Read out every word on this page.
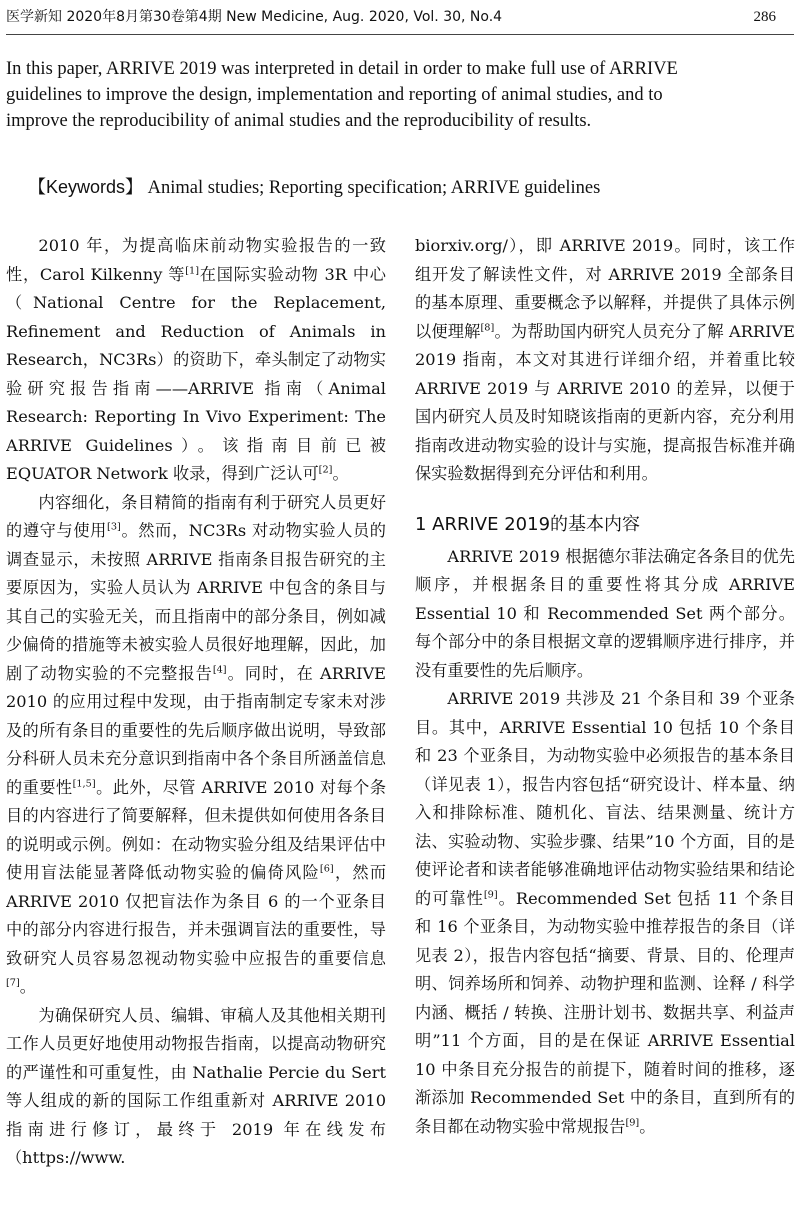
医学新知 2020年8月第30卷第4期 New Medicine, Aug. 2020, Vol. 30, No.4	286

In this paper, ARRIVE 2019 was interpreted in detail in order to make full use of ARRIVE guidelines to improve the design, implementation and reporting of animal studies, and to improve the reproducibility of animal studies and the reproducibility of results.

【Keywords】 Animal studies; Reporting specification; ARRIVE guidelines

2010 年，为提高临床前动物实验报告的一致性，Carol Kilkenny 等[1]在国际实验动物 3R 中心（National Centre for the Replacement, Refinement and Reduction of Animals in Research，NC3Rs）的资助下，牵头制定了动物实验研究报告指南——ARRIVE 指南（Animal Research: Reporting In Vivo Experiment: The ARRIVE Guidelines）。该指南目前已被 EQUATOR Network 收录，得到广泛认可[2]。

内容细化，条目精简的指南有利于研究人员更好的遵守与使用[3]。然而，NC3Rs 对动物实验人员的调查显示，未按照 ARRIVE 指南条目报告研究的主要原因为，实验人员认为 ARRIVE 中包含的条目与其自己的实验无关，而且指南中的部分条目，例如减少偏倚的措施等未被实验人员很好地理解，因此，加剧了动物实验的不完整报告[4]。同时，在 ARRIVE 2010 的应用过程中发现，由于指南制定专家未对涉及的所有条目的重要性的先后顺序做出说明，导致部分科研人员未充分意识到指南中各个条目所涵盖信息的重要性[1,5]。此外，尽管 ARRIVE 2010 对每个条目的内容进行了简要解释，但未提供如何使用各条目的说明或示例。例如：在动物实验分组及结果评估中使用盲法能显著降低动物实验的偏倚风险[6]，然而 ARRIVE 2010 仅把盲法作为条目 6 的一个亚条目中的部分内容进行报告，并未强调盲法的重要性，导致研究人员容易忽视动物实验中应报告的重要信息[7]。

为确保研究人员、编辑、审稿人及其他相关期刊工作人员更好地使用动物报告指南，以提高动物研究的严谨性和可重复性，由 Nathalie Percie du Sert 等人组成的新的国际工作组重新对 ARRIVE 2010 指南进行修订，最终于 2019 年在线发布（https://www.

biorxiv.org/），即 ARRIVE 2019。同时，该工作组开发了解读性文件，对 ARRIVE 2019 全部条目的基本原理、重要概念予以解释，并提供了具体示例以便理解[8]。为帮助国内研究人员充分了解 ARRIVE 2019 指南，本文对其进行详细介绍，并着重比较 ARRIVE 2019 与 ARRIVE 2010 的差异，以便于国内研究人员及时知晓该指南的更新内容，充分利用指南改进动物实验的设计与实施，提高报告标准并确保实验数据得到充分评估和利用。

1 ARRIVE 2019的基本内容

ARRIVE 2019 根据德尔菲法确定各条目的优先顺序，并根据条目的重要性将其分成 ARRIVE Essential 10 和 Recommended Set 两个部分。每个部分中的条目根据文章的逻辑顺序进行排序，并没有重要性的先后顺序。

ARRIVE 2019 共涉及 21 个条目和 39 个亚条目。其中，ARRIVE Essential 10 包括 10 个条目和 23 个亚条目，为动物实验中必须报告的基本条目（详见表 1），报告内容包括“研究设计、样本量、纳入和排除标准、随机化、盲法、结果测量、统计方法、实验动物、实验步骤、结果”10 个方面，目的是使评论者和读者能够准确地评估动物实验结果和结论的可靠性[9]。Recommended Set 包括 11 个条目和 16 个亚条目，为动物实验中推荐报告的条目（详见表 2），报告内容包括“摘要、背景、目的、伦理声明、饲养场所和饲养、动物护理和监测、诠释 / 科学内涵、概括 / 转换、注册计划书、数据共享、利益声明”11 个方面，目的是在保证 ARRIVE Essential 10 中条目充分报告的前提下，随着时间的推移，逐渐添加 Recommended Set 中的条目，直到所有的条目都在动物实验中常规报告[9]。
